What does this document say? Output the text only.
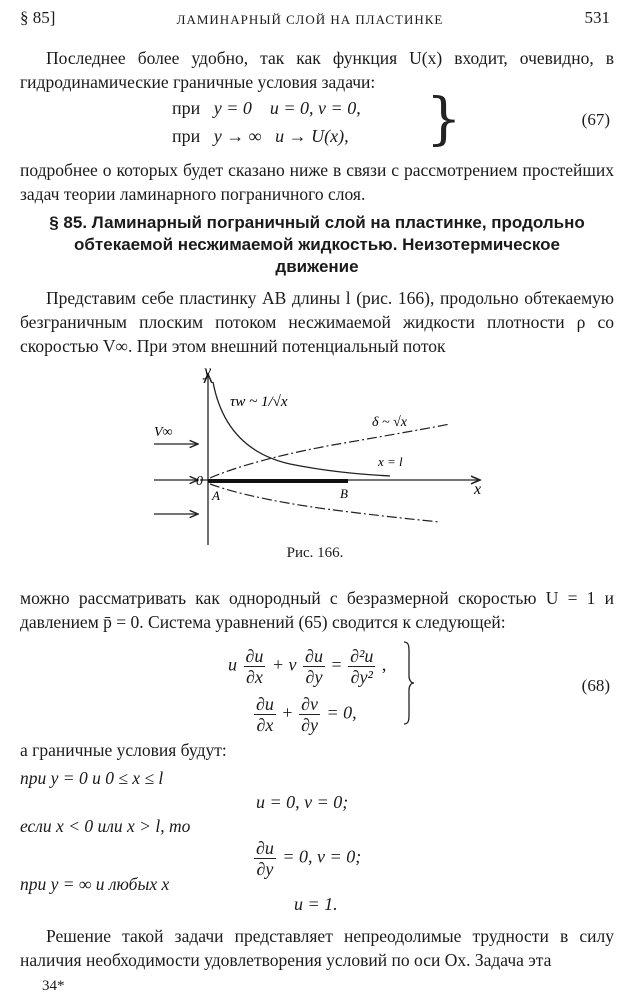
§ 85]	ЛАМИНАРНЫЙ СЛОЙ НА ПЛАСТИНКЕ	531
Последнее более удобно, так как функция U(x) входит, очевидно, в гидродинамические граничные условия задачи:
при y = 0 u = 0, v = 0,
при y → ∞ u → U(x), }	(67)
подробнее о которых будет сказано ниже в связи с рассмотрением простейших задач теории ламинарного пограничного слоя.
§ 85. Ламинарный пограничный слой на пластинке, продольно
обтекаемой несжимаемой жидкостью. Неизотермическое
движение
Представим себе пластинку AB длины l (рис. 166), продольно обтекаемую безграничным плоским потоком несжимаемой жидкости плотности ρ со скоростью V∞. При этом внешний потенциальный поток
y
x
0
A	B
V∞
τw ~ 1/√x
δ ~ √x
x = l
Рис. 166.
можно рассматривать как однородный с безразмерной скоростью U = 1 и давлением p̄ = 0. Система уравнений (65) сводится к следующей:
u $\frac{\partial u}{\partial x} + v \frac{\partial u}{\partial y} = \frac{\text{∂²u}}{\text{∂y²}}$ ,
$\frac{\partial u}{\partial x} + \frac{\partial v}{\partial y} = 0$,
(68)
а граничные условия будут:
при y = 0 и 0 ≤ x ≤ l
u = 0, v = 0;
если x < 0 или x > l, то
$\frac{\partial u}{\partial y} = 0$, v = 0;
при y = ∞ и любых x
u = 1.
Решение такой задачи представляет непреодолимые трудности в силу наличия необходимости удовлетворения условий по оси Ox. Задача эта
34*
